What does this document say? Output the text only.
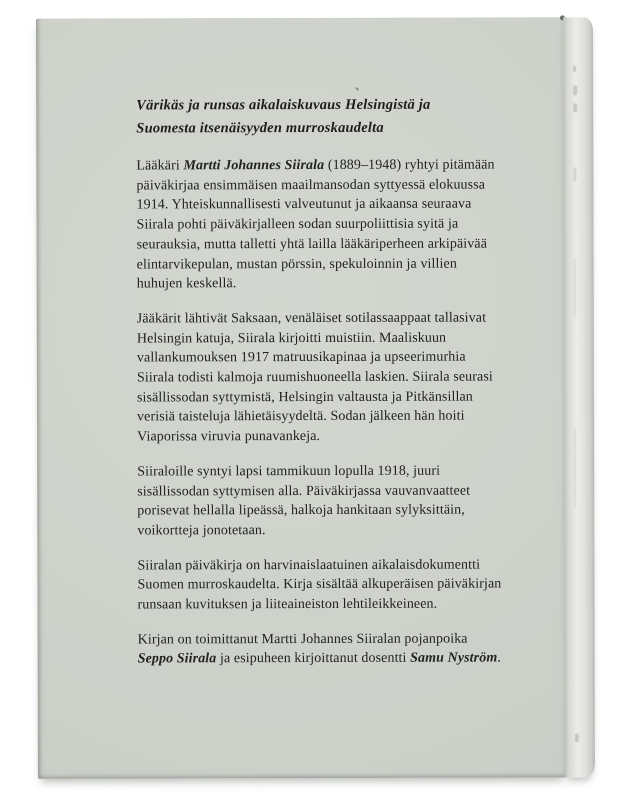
Värikäs ja runsas aikalaiskuvaus Helsingistä ja
Suomesta itsenäisyyden murroskaudelta

Lääkäri Martti Johannes Siirala (1889–1948) ryhtyi pitämään
päiväkirjaa ensimmäisen maailmansodan syttyessä elokuussa
1914. Yhteiskunnallisesti valveutunut ja aikaansa seuraava
Siirala pohti päiväkirjalleen sodan suurpoliittisia syitä ja
seurauksia, mutta talletti yhtä lailla lääkäriperheen arkipäivää
elintarvikepulan, mustan pörssin, spekuloinnin ja villien
huhujen keskellä.

Jääkärit lähtivät Saksaan, venäläiset sotilassaappaat tallasivat
Helsingin katuja, Siirala kirjoitti muistiin. Maaliskuun
vallankumouksen 1917 matruusikapinaa ja upseerimurhia
Siirala todisti kalmoja ruumishuoneella laskien. Siirala seurasi
sisällissodan syttymistä, Helsingin valtausta ja Pitkänsillan
verisiä taisteluja lähietäisyydeltä. Sodan jälkeen hän hoiti
Viaporissa viruvia punavankeja.

Siiraloille syntyi lapsi tammikuun lopulla 1918, juuri
sisällissodan syttymisen alla. Päiväkirjassa vauvanvaatteet
porisevat hellalla lipeässä, halkoja hankitaan sylyksittäin,
voikortteja jonotetaan.

Siiralan päiväkirja on harvinaislaatuinen aikalaisdokumentti
Suomen murroskaudelta. Kirja sisältää alkuperäisen päiväkirjan
runsaan kuvituksen ja liiteaineiston lehtileikkeineen.

Kirjan on toimittanut Martti Johannes Siiralan pojanpoika
Seppo Siirala ja esipuheen kirjoittanut dosentti Samu Nyström.
